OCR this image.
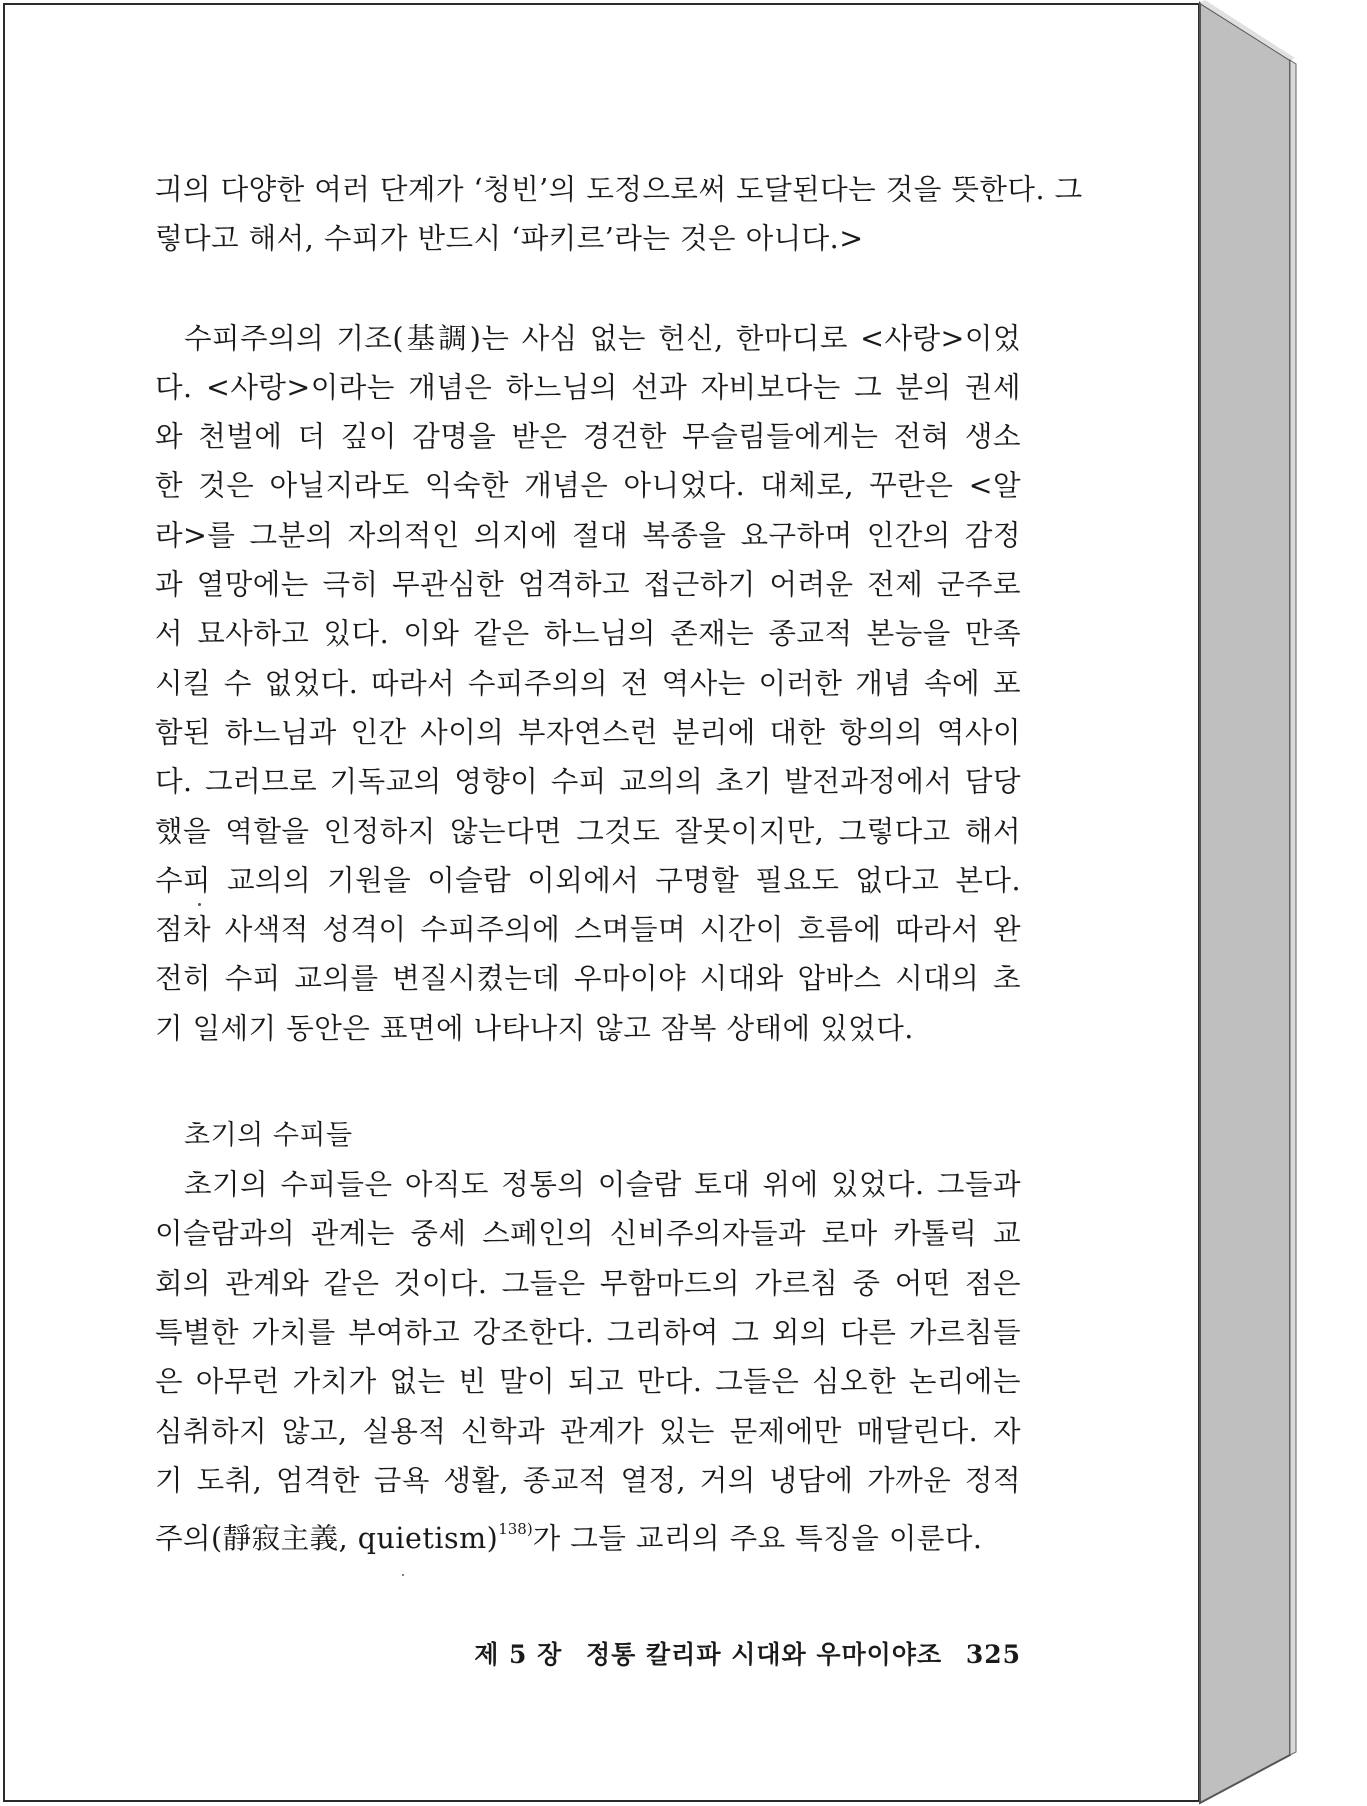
긔의 다양한 여러 단계가 ‘청빈’의 도정으로써 도달된다는 것을 뜻한다. 그
렇다고 해서, 수피가 반드시 ‘파키르’라는 것은 아니다.>
수피주의의 기조(基調)는 사심 없는 헌신, 한마디로 <사랑>이었
다. <사랑>이라는 개념은 하느님의 선과 자비보다는 그 분의 권세
와 천벌에 더 깊이 감명을 받은 경건한 무슬림들에게는 전혀 생소
한 것은 아닐지라도 익숙한 개념은 아니었다. 대체로, 꾸란은 <알
라>를 그분의 자의적인 의지에 절대 복종을 요구하며 인간의 감정
과 열망에는 극히 무관심한 엄격하고 접근하기 어려운 전제 군주로
서 묘사하고 있다. 이와 같은 하느님의 존재는 종교적 본능을 만족
시킬 수 없었다. 따라서 수피주의의 전 역사는 이러한 개념 속에 포
함된 하느님과 인간 사이의 부자연스런 분리에 대한 항의의 역사이
다. 그러므로 기독교의 영향이 수피 교의의 초기 발전과정에서 담당
했을 역할을 인정하지 않는다면 그것도 잘못이지만, 그렇다고 해서
수피 교의의 기원을 이슬람 이외에서 구명할 필요도 없다고 본다.
점차 사색적 성격이 수피주의에 스며들며 시간이 흐름에 따라서 완
전히 수피 교의를 변질시켰는데 우마이야 시대와 압바스 시대의 초
기 일세기 동안은 표면에 나타나지 않고 잠복 상태에 있었다.
초기의 수피들
초기의 수피들은 아직도 정통의 이슬람 토대 위에 있었다. 그들과
이슬람과의 관계는 중세 스페인의 신비주의자들과 로마 카톨릭 교
회의 관계와 같은 것이다. 그들은 무함마드의 가르침 중 어떤 점은
특별한 가치를 부여하고 강조한다. 그리하여 그 외의 다른 가르침들
은 아무런 가치가 없는 빈 말이 되고 만다. 그들은 심오한 논리에는
심취하지 않고, 실용적 신학과 관계가 있는 문제에만 매달린다. 자
기 도취, 엄격한 금욕 생활, 종교적 열정, 거의 냉담에 가까운 정적
주의(靜寂主義, quietism)$^{138)}$가 그들 교리의 주요 특징을 이룬다.
제 5 장 정통 칼리파 시대와 우마이야조 325
